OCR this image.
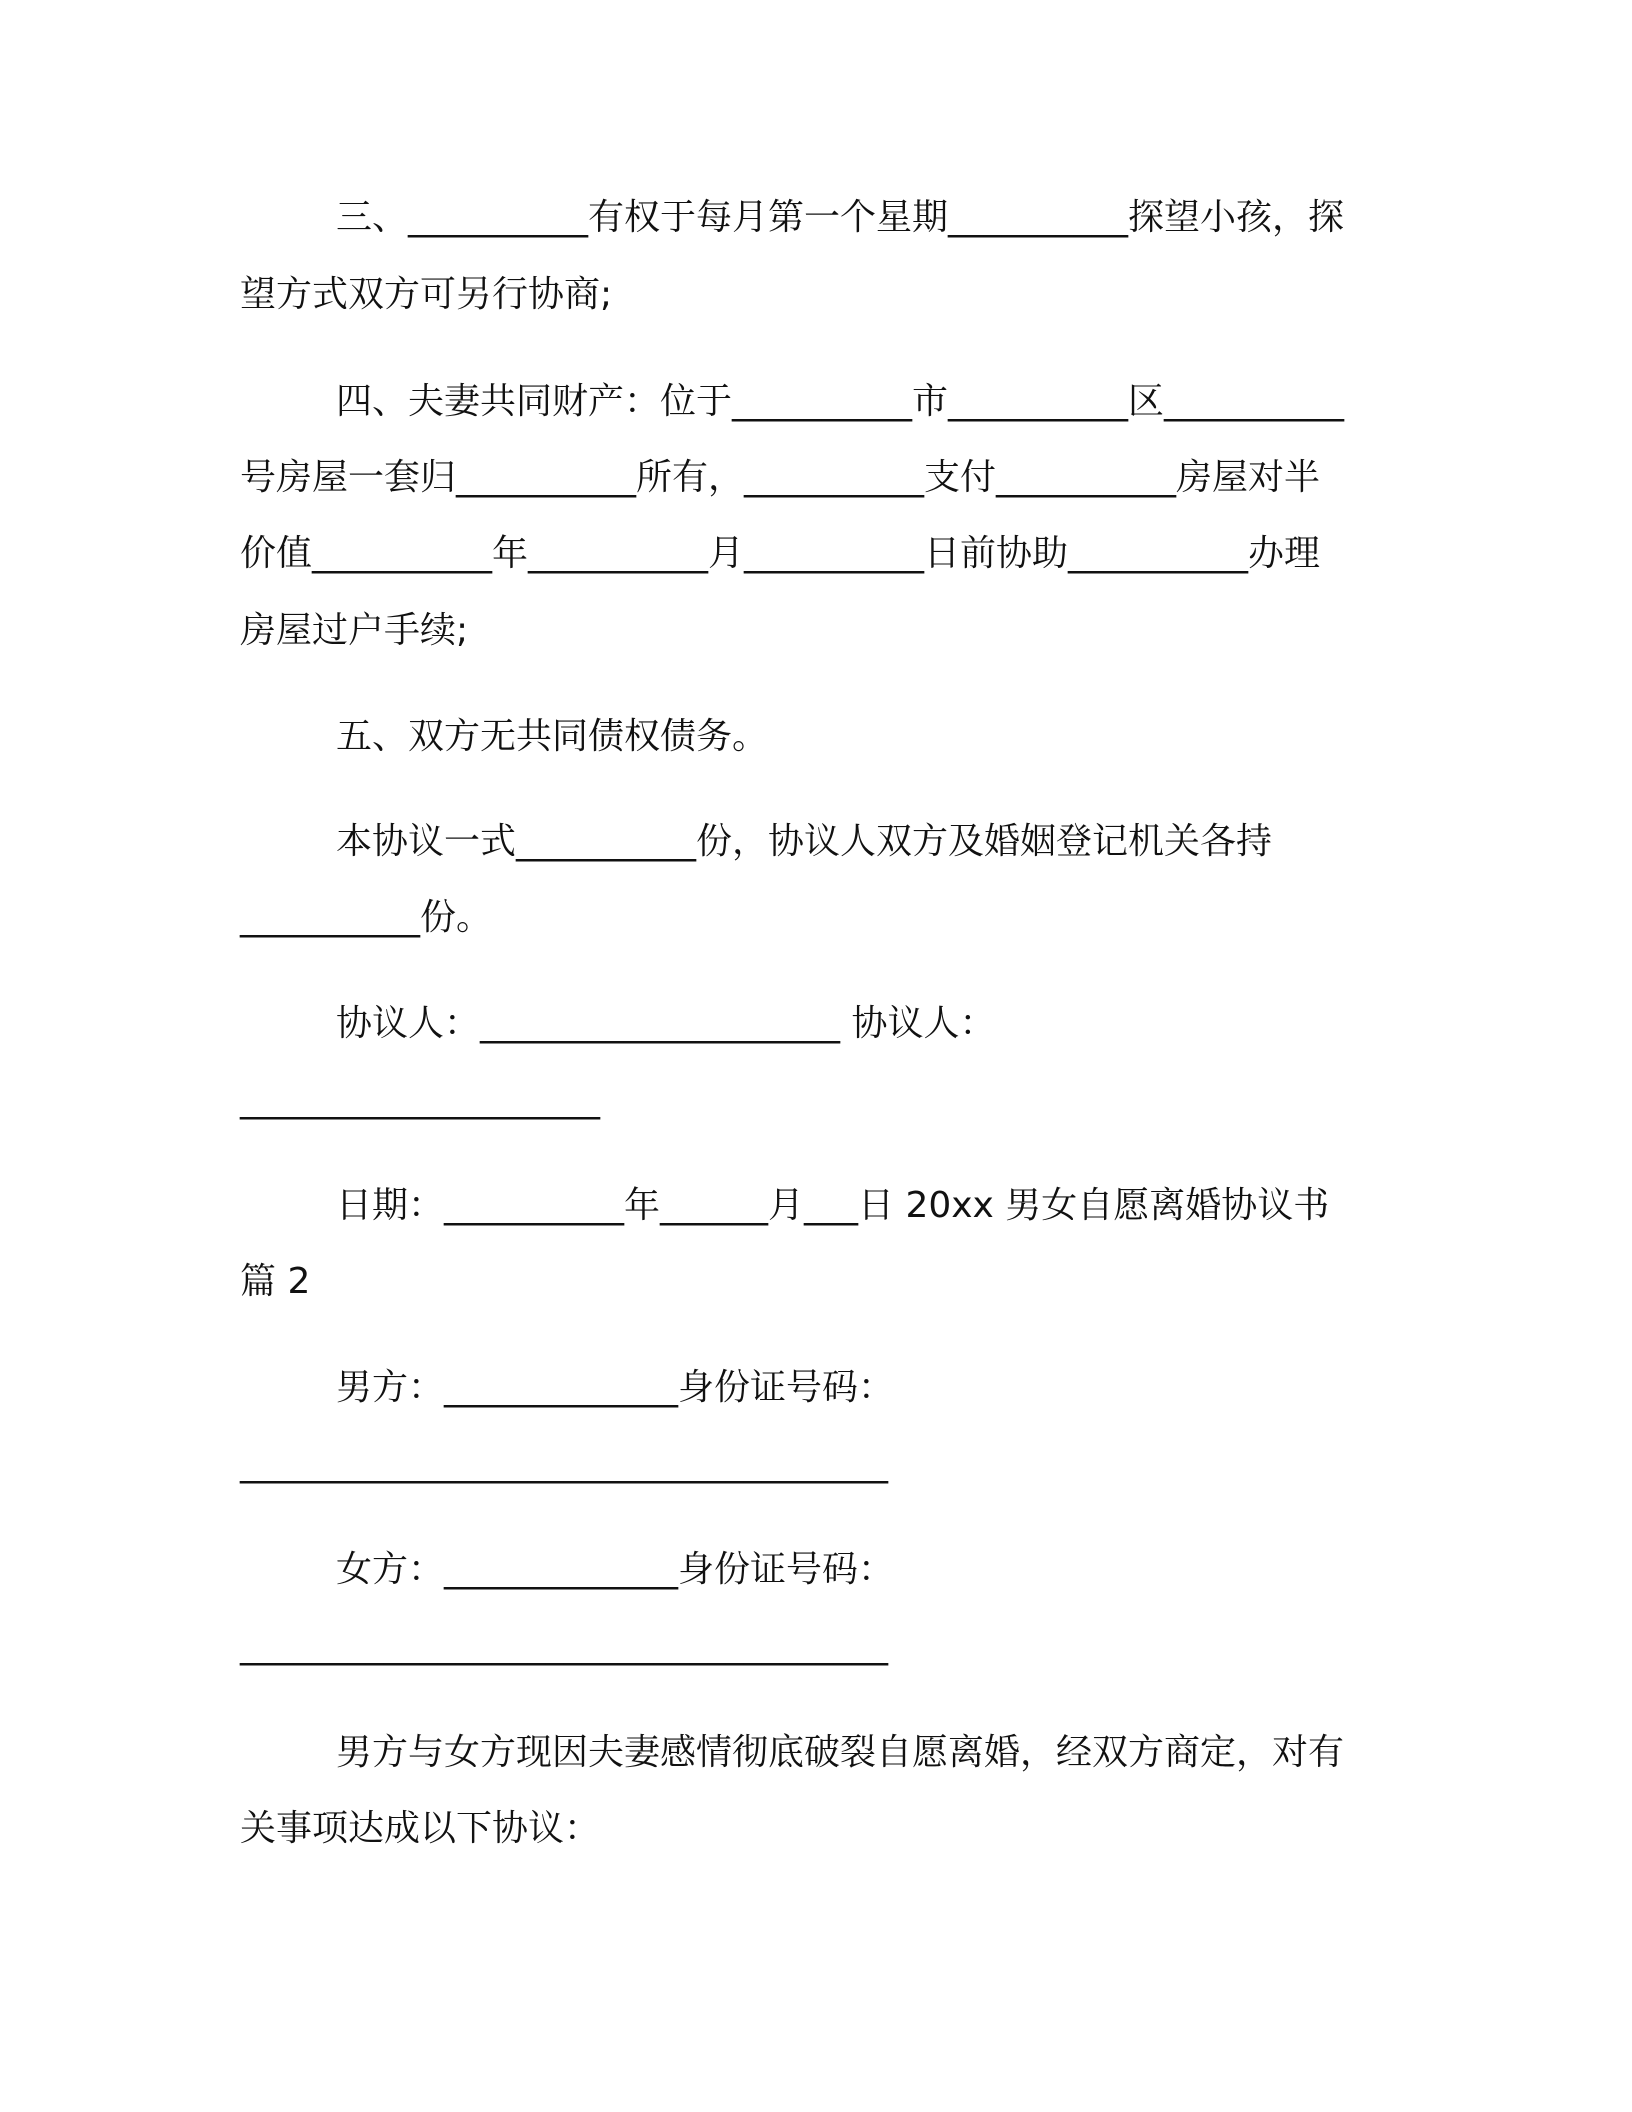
三、__________有权于每月第一个星期__________探望小孩，探
望方式双方可另行协商;
四、夫妻共同财产：位于__________市__________区__________
号房屋一套归__________所有，__________支付__________房屋对半
价值__________年__________月__________日前协助__________办理
房屋过户手续;
五、双方无共同债权债务。
本协议一式__________份，协议人双方及婚姻登记机关各持
__________份。
协议人：____________________ 协议人：
____________________
日期：__________年______月___日 20xx 男女自愿离婚协议书
篇 2
男方：_____________身份证号码：
____________________________________
女方：_____________身份证号码：
____________________________________
男方与女方现因夫妻感情彻底破裂自愿离婚，经双方商定，对有
关事项达成以下协议：
